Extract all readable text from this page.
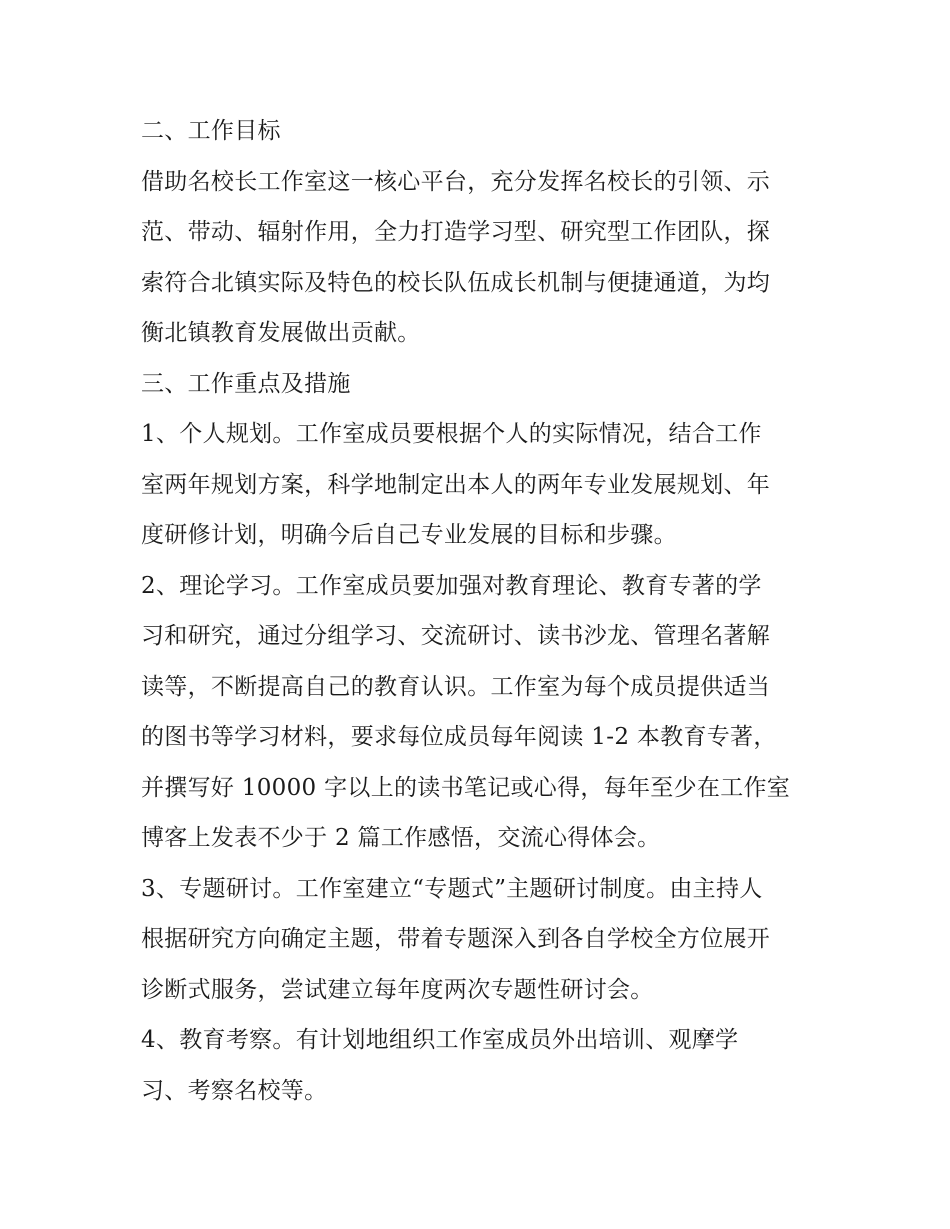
二、工作目标
借助名校长工作室这一核心平台，充分发挥名校长的引领、示
范、带动、辐射作用，全力打造学习型、研究型工作团队，探
索符合北镇实际及特色的校长队伍成长机制与便捷通道，为均
衡北镇教育发展做出贡献。
三、工作重点及措施
1、个人规划。工作室成员要根据个人的实际情况，结合工作
室两年规划方案，科学地制定出本人的两年专业发展规划、年
度研修计划，明确今后自己专业发展的目标和步骤。
2、理论学习。工作室成员要加强对教育理论、教育专著的学
习和研究，通过分组学习、交流研讨、读书沙龙、管理名著解
读等，不断提高自己的教育认识。工作室为每个成员提供适当
的图书等学习材料，要求每位成员每年阅读 1-2 本教育专著，
并撰写好 10000 字以上的读书笔记或心得，每年至少在工作室
博客上发表不少于 2 篇工作感悟，交流心得体会。
3、专题研讨。工作室建立“专题式”主题研讨制度。由主持人
根据研究方向确定主题，带着专题深入到各自学校全方位展开
诊断式服务，尝试建立每年度两次专题性研讨会。
4、教育考察。有计划地组织工作室成员外出培训、观摩学
习、考察名校等。
